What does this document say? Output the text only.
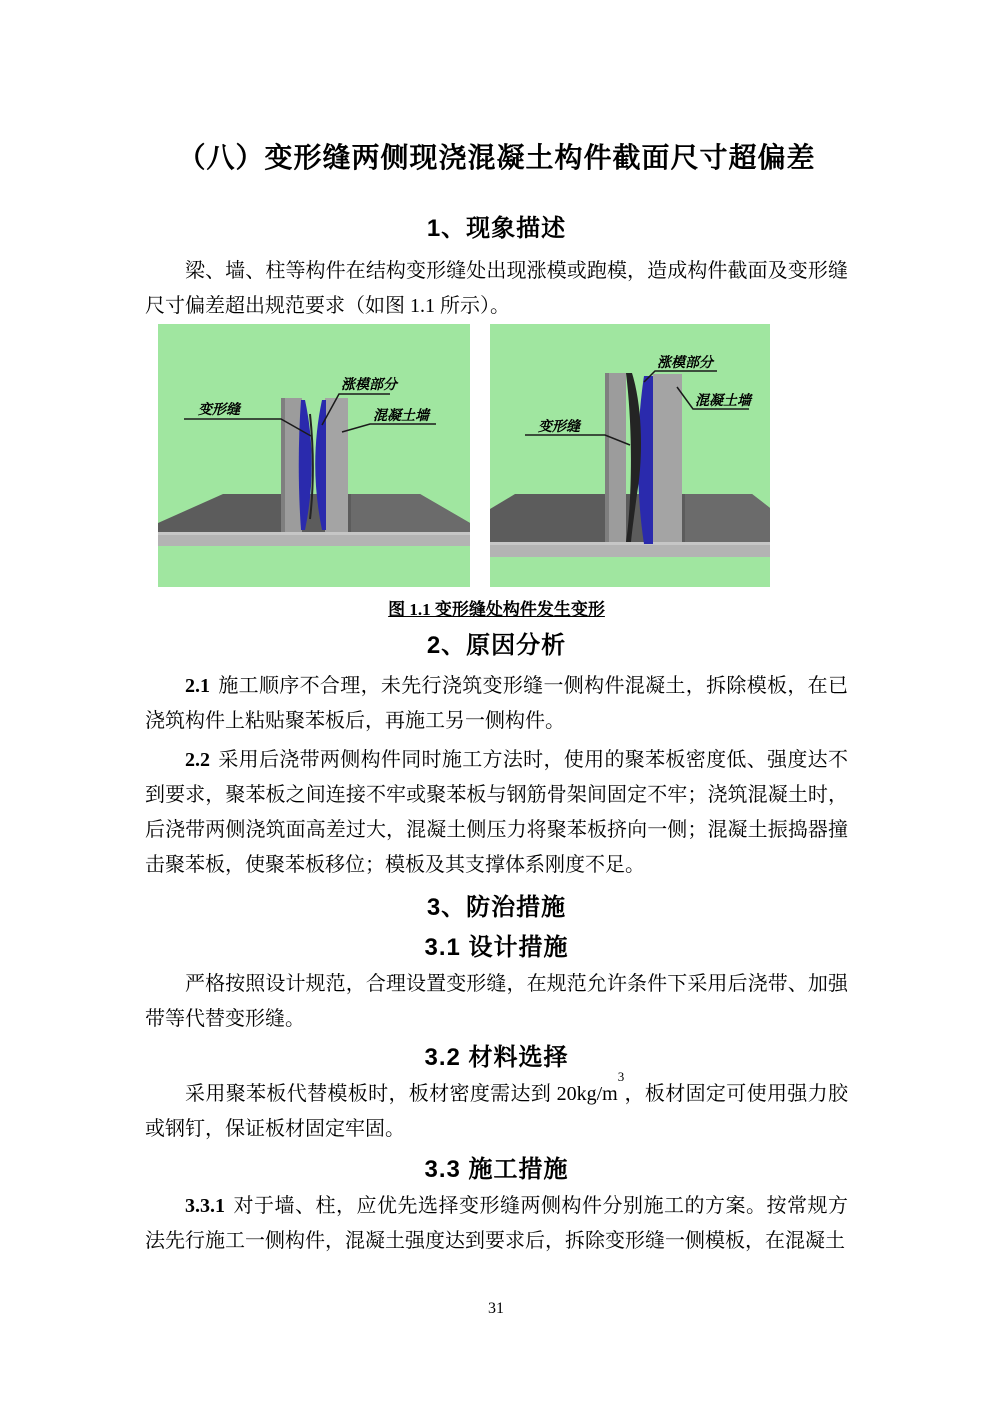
（八）变形缝两侧现浇混凝土构件截面尺寸超偏差
1、现象描述

梁、墙、柱等构件在结构变形缝处出现涨模或跑模，造成构件截面及变形缝尺寸偏差超出规范要求（如图 1.1 所示）。

变形缝
涨模部分
混凝土墙
涨模部分
混凝土墙
变形缝
图 1.1 变形缝处构件发生变形
2、原因分析

2.1 施工顺序不合理，未先行浇筑变形缝一侧构件混凝土，拆除模板，在已浇筑构件上粘贴聚苯板后，再施工另一侧构件。

2.2 采用后浇带两侧构件同时施工方法时，使用的聚苯板密度低、强度达不到要求，聚苯板之间连接不牢或聚苯板与钢筋骨架间固定不牢；浇筑混凝土时，后浇带两侧浇筑面高差过大，混凝土侧压力将聚苯板挤向一侧；混凝土振捣器撞击聚苯板，使聚苯板移位；模板及其支撑体系刚度不足。

3、防治措施
3.1 设计措施

严格按照设计规范，合理设置变形缝，在规范允许条件下采用后浇带、加强带等代替变形缝。

3.2 材料选择

采用聚苯板代替模板时，板材密度需达到 $20kg/m^3$，板材固定可使用强力胶或钢钉，保证板材固定牢固。

3.3 施工措施

3.3.1 对于墙、柱，应优先选择变形缝两侧构件分别施工的方案。按常规方法先行施工一侧构件，混凝土强度达到要求后，拆除变形缝一侧模板，在混凝土

31
